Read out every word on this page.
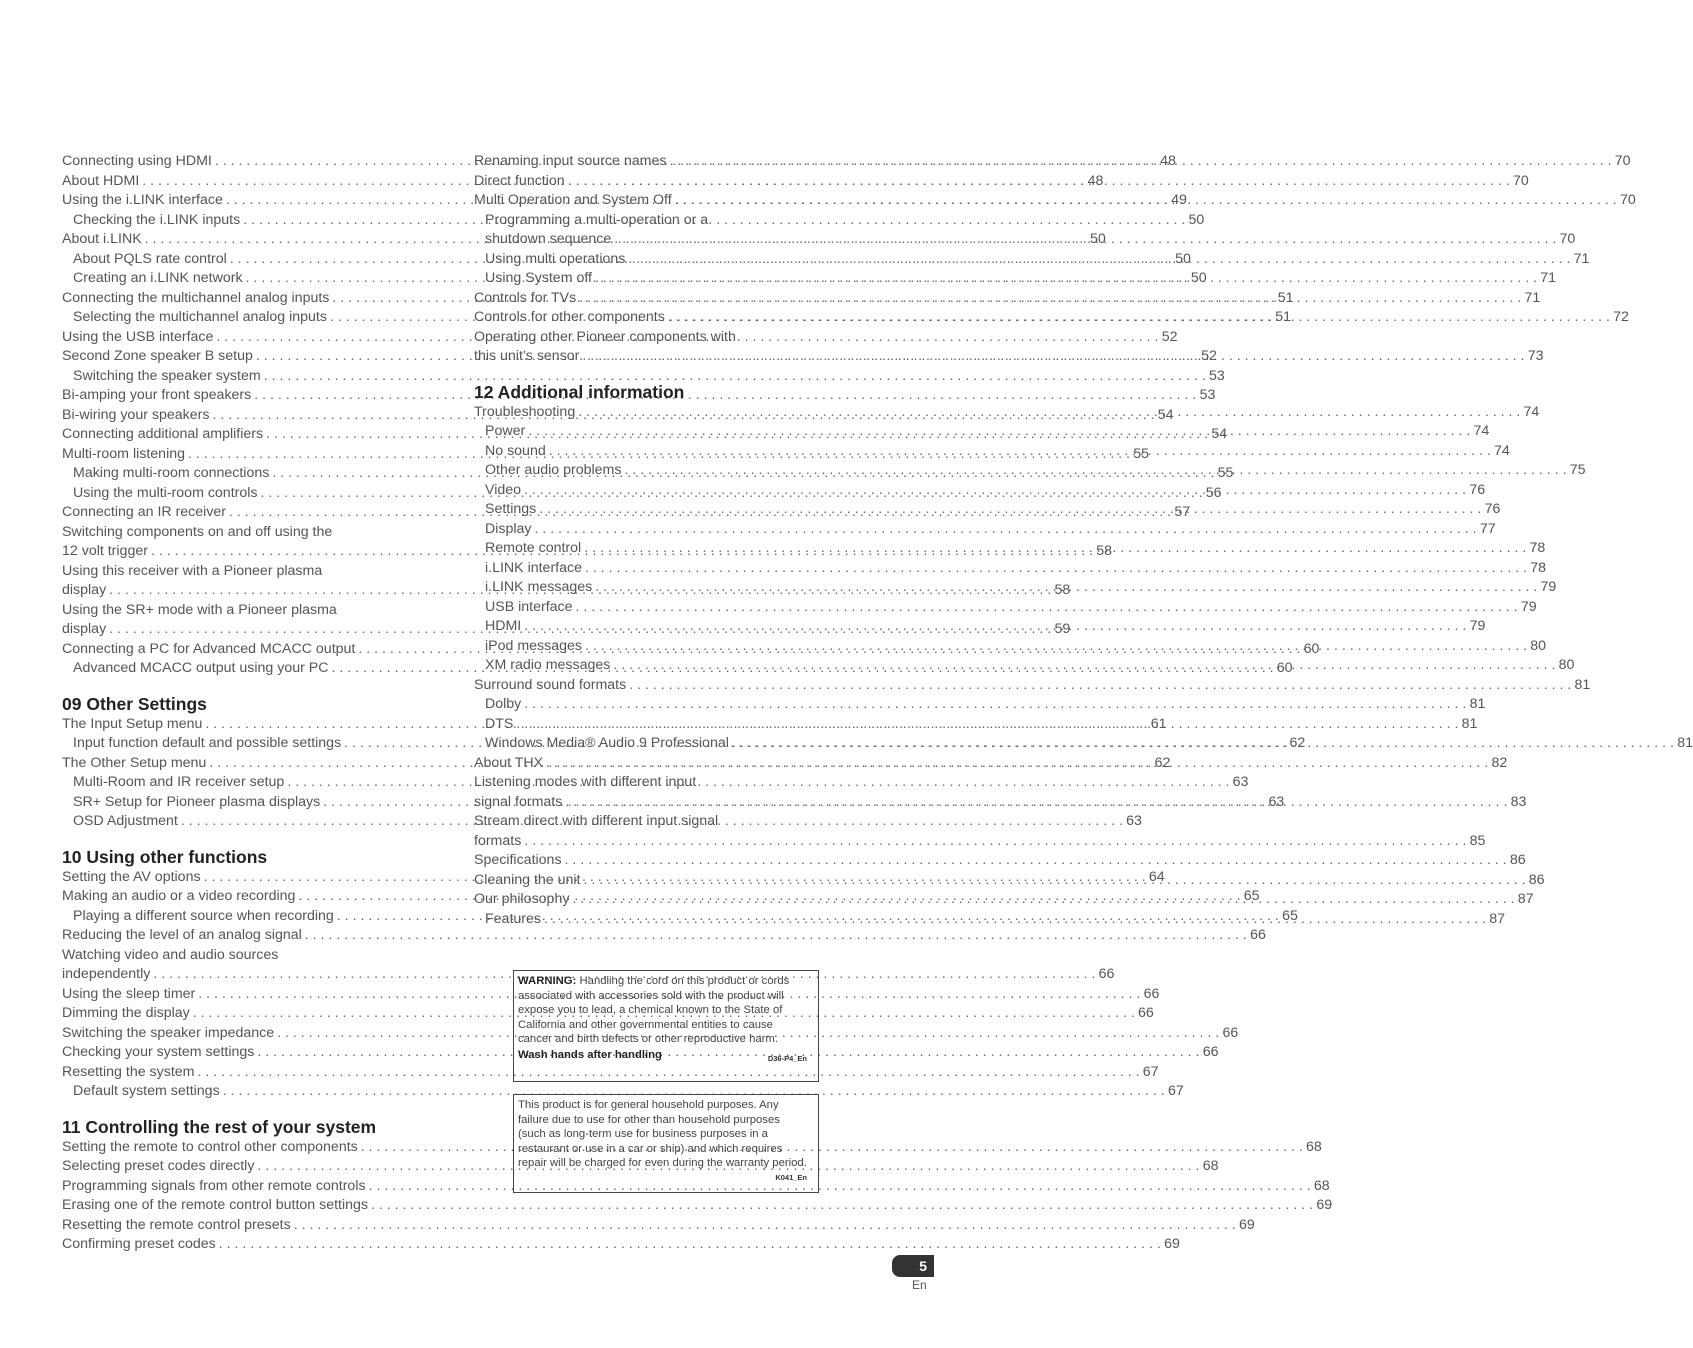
Connecting using HDMI . . .	48
About HDMI . . .	48
Using the i.LINK interface . . .	49
Checking the i.LINK inputs . . .	50
About i.LINK . . .	50
About PQLS rate control . . .	50
Creating an i.LINK network . . .	50
Connecting the multichannel analog inputs . . .	51
Selecting the multichannel analog inputs . . .	51
Using the USB interface . . .	52
Second Zone speaker B setup . . .	52
Switching the speaker system . . .	53
Bi-amping your front speakers . . .	53
Bi-wiring your speakers . . .	54
Connecting additional amplifiers . . .	54
Multi-room listening . . .	55
Making multi-room connections . . .	55
Using the multi-room controls . . .	56
Connecting an IR receiver . . .	57
Switching components on and off using the
12 volt trigger . . .	58
Using this receiver with a Pioneer plasma
display . . .	58
Using the SR+ mode with a Pioneer plasma
display . . .	59
Connecting a PC for Advanced MCACC output . . .	60
Advanced MCACC output using your PC . . .	60
09 Other Settings
The Input Setup menu . . .	61
Input function default and possible settings . . .	62
The Other Setup menu . . .	62
Multi-Room and IR receiver setup . . .	63
SR+ Setup for Pioneer plasma displays . . .	63
OSD Adjustment . . .	63
10 Using other functions
Setting the AV options . . .	64
Making an audio or a video recording . . .	65
Playing a different source when recording . . .	65
Reducing the level of an analog signal . . .	66
Watching video and audio sources
independently . . .	66
Using the sleep timer . . .	66
Dimming the display . . .	66
Switching the speaker impedance . . .	66
Checking your system settings . . .	66
Resetting the system . . .	67
Default system settings . . .	67
11 Controlling the rest of your system
Setting the remote to control other components . . .	68
Selecting preset codes directly . . .	68
Programming signals from other remote controls . . .	68
Erasing one of the remote control button settings . . .	69
Resetting the remote control presets . . .	69
Confirming preset codes . . .	69
Renaming input source names . . .	70
Direct function . . .	70
Multi Operation and System Off . . .	70
Programming a multi-operation or a
shutdown sequence . . .	70
Using multi operations . . .	71
Using System off . . .	71
Controls for TVs . . .	71
Controls for other components . . .	72
Operating other Pioneer components with
this unit’s sensor . . .	73
12 Additional information
Troubleshooting . . .	74
Power . . .	74
No sound . . .	74
Other audio problems . . .	75
Video . . .	76
Settings . . .	76
Display . . .	77
Remote control . . .	78
i.LINK interface . . .	78
i.LINK messages . . .	79
USB interface . . .	79
HDMI . . .	79
iPod messages . . .	80
XM radio messages . . .	80
Surround sound formats . . .	81
Dolby . . .	81
DTS . . .	81
Windows Media® Audio 9 Professional . . .	81
About THX . . .	82
Listening modes with different input
signal formats . . .	83
Stream direct with different input signal
formats . . .	85
Specifications . . .	86
Cleaning the unit . . .	86
Our philosophy . . .	87
Features . . .	87
WARNING: Handling the cord on this product or cords associated with accessories sold with the product will expose you to lead, a chemical known to the State of California and other governmental entities to cause cancer and birth defects or other reproductive harm.
Wash hands after handling	D36-P4_En
This product is for general household purposes. Any failure due to use for other than household purposes (such as long-term use for business purposes in a restaurant or use in a car or ship) and which requires repair will be charged for even during the warranty period.
K041_En
5
En
